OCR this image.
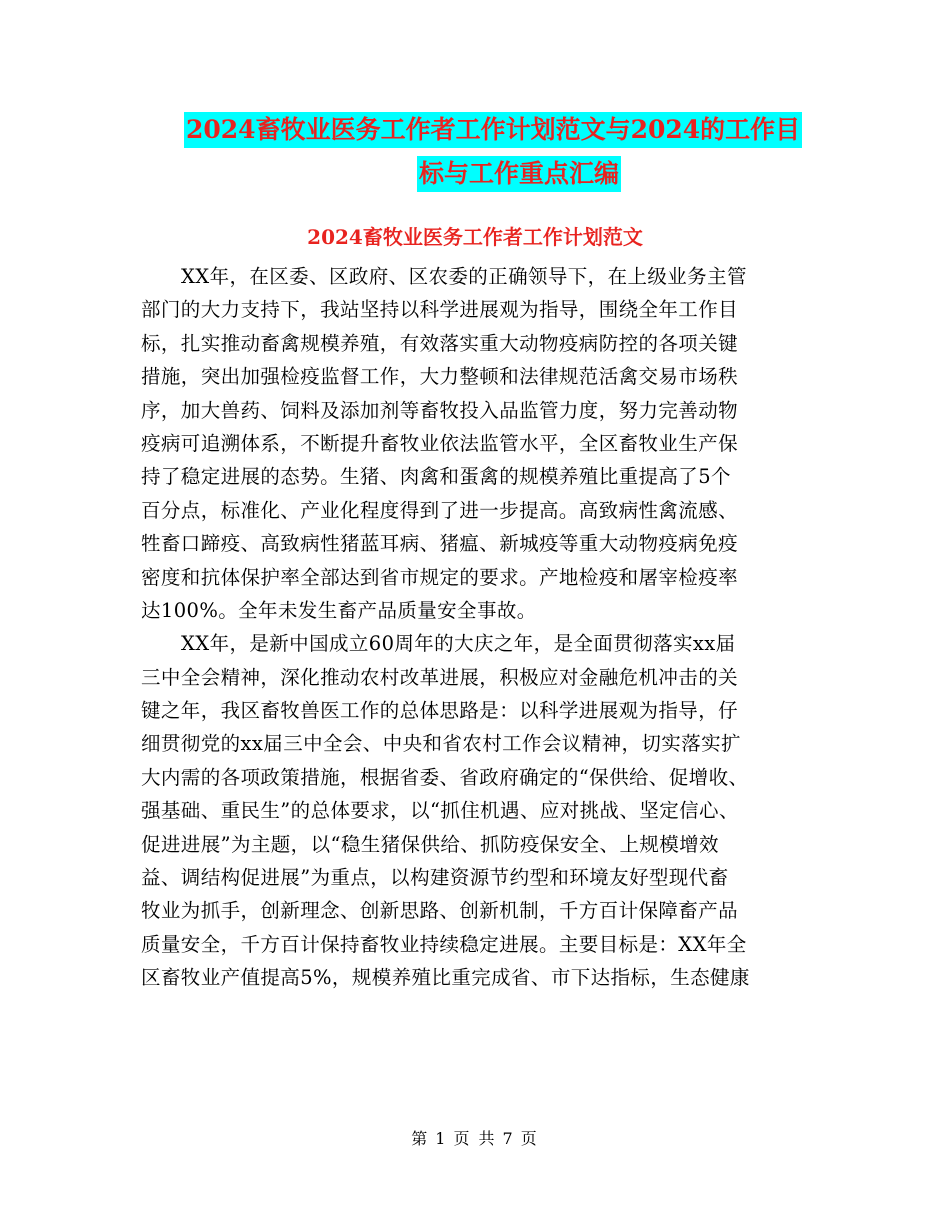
2024畜牧业医务工作者工作计划范文与2024的工作目
标与工作重点汇编
2024畜牧业医务工作者工作计划范文

XX年，在区委、区政府、区农委的正确领导下，在上级业务主管

部门的大力支持下，我站坚持以科学进展观为指导，围绕全年工作目

标，扎实推动畜禽规模养殖，有效落实重大动物疫病防控的各项关键

措施，突出加强检疫监督工作，大力整顿和法律规范活禽交易市场秩

序，加大兽药、饲料及添加剂等畜牧投入品监管力度，努力完善动物

疫病可追溯体系，不断提升畜牧业依法监管水平，全区畜牧业生产保

持了稳定进展的态势。生猪、肉禽和蛋禽的规模养殖比重提高了5个

百分点，标准化、产业化程度得到了进一步提高。高致病性禽流感、

牲畜口蹄疫、高致病性猪蓝耳病、猪瘟、新城疫等重大动物疫病免疫

密度和抗体保护率全部达到省市规定的要求。产地检疫和屠宰检疫率

达100%。全年未发生畜产品质量安全事故。

XX年，是新中国成立60周年的大庆之年，是全面贯彻落实xx届

三中全会精神，深化推动农村改革进展，积极应对金融危机冲击的关

键之年，我区畜牧兽医工作的总体思路是：以科学进展观为指导，仔

细贯彻党的xx届三中全会、中央和省农村工作会议精神，切实落实扩

大内需的各项政策措施，根据省委、省政府确定的“保供给、促增收、

强基础、重民生”的总体要求，以“抓住机遇、应对挑战、坚定信心、

促进进展”为主题，以“稳生猪保供给、抓防疫保安全、上规模增效

益、调结构促进展”为重点，以构建资源节约型和环境友好型现代畜

牧业为抓手，创新理念、创新思路、创新机制，千方百计保障畜产品

质量安全，千方百计保持畜牧业持续稳定进展。主要目标是：XX年全

区畜牧业产值提高5%，规模养殖比重完成省、市下达指标，生态健康

第 1 页 共 7 页
